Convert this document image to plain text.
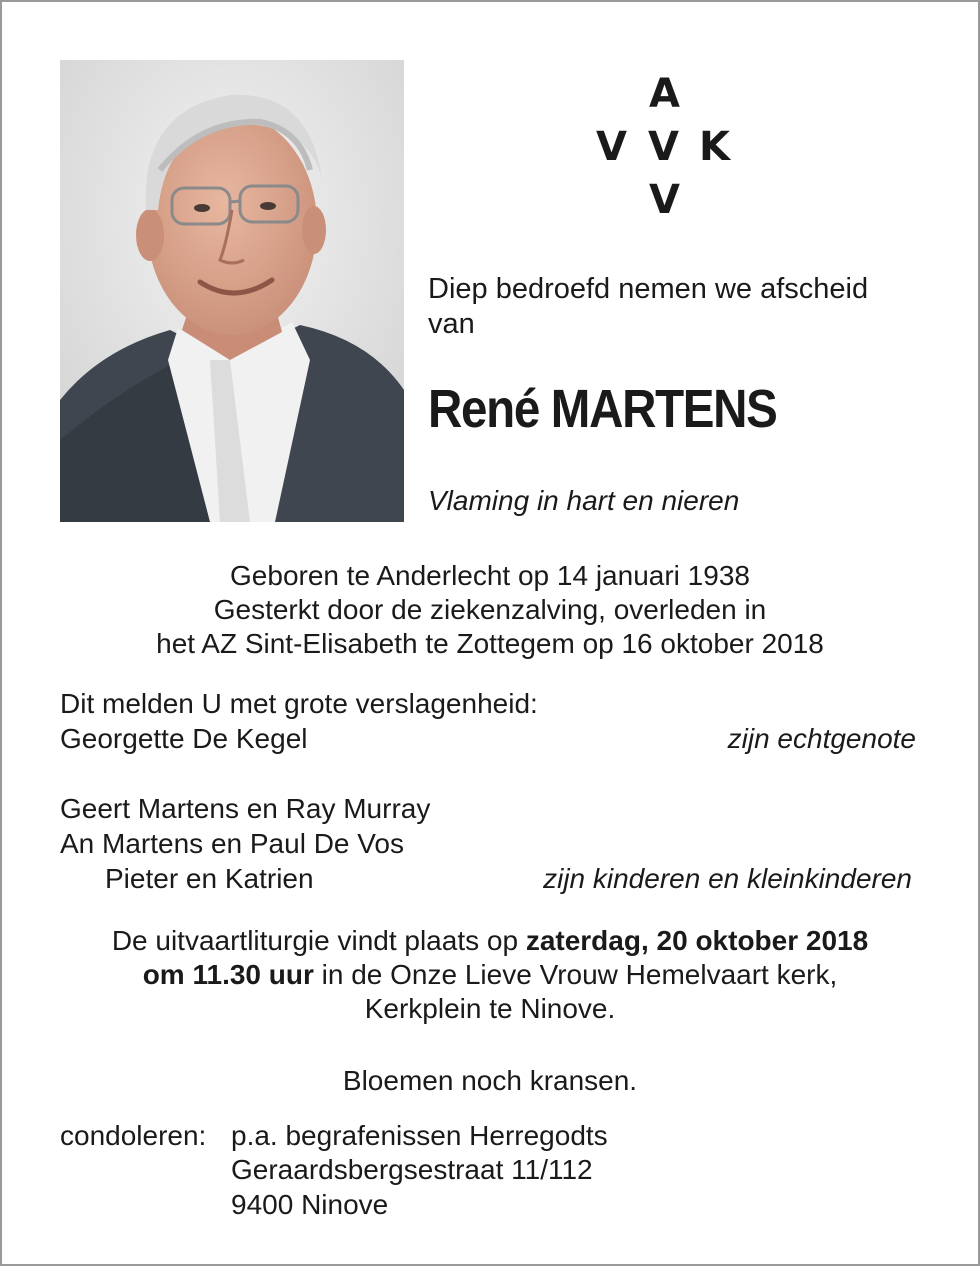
A
V V K
V
Diep bedroefd nemen we afscheid
van
René MARTENS
Vlaming in hart en nieren
Geboren te Anderlecht op 14 januari 1938
Gesterkt door de ziekenzalving, overleden in
het AZ Sint-Elisabeth te Zottegem op 16 oktober 2018
Dit melden U met grote verslagenheid:
Georgette De Kegel	zijn echtgenote
Geert Martens en Ray Murray
An Martens en Paul De Vos
Pieter en Katrien	zijn kinderen en kleinkinderen
De uitvaartliturgie vindt plaats op zaterdag, 20 oktober 2018
om 11.30 uur in de Onze Lieve Vrouw Hemelvaart kerk,
Kerkplein te Ninove.
Bloemen noch kransen.
condoleren: p.a. begrafenissen Herregodts
Geraardsbergsestraat 11/112
9400 Ninove
